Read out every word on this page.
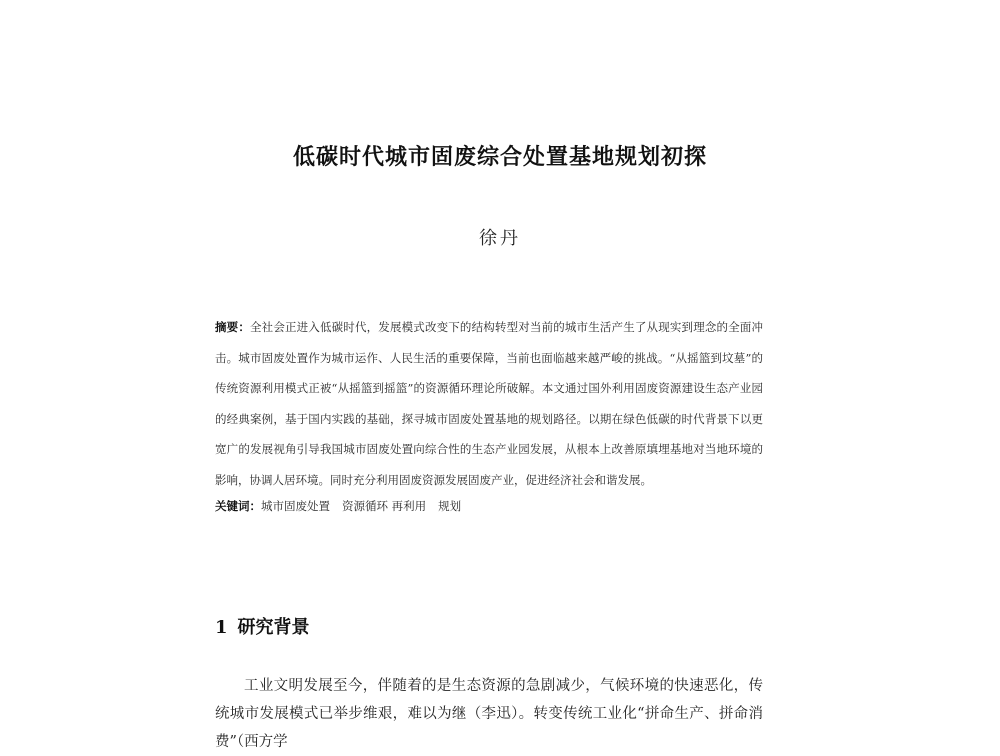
低碳时代城市固废综合处置基地规划初探
徐丹
摘要：全社会正进入低碳时代，发展模式改变下的结构转型对当前的城市生活产生了从现实到理念的全面冲击。城市固废处置作为城市运作、人民生活的重要保障，当前也面临越来越严峻的挑战。“从摇篮到坟墓”的传统资源利用模式正被“从摇篮到摇篮”的资源循环理论所破解。本文通过国外利用固废资源建设生态产业园的经典案例，基于国内实践的基础，探寻城市固废处置基地的规划路径。以期在绿色低碳的时代背景下以更宽广的发展视角引导我国城市固废处置向综合性的生态产业园发展，从根本上改善原填埋基地对当地环境的影响，协调人居环境。同时充分利用固废资源发展固废产业，促进经济社会和谐发展。
关键词：城市固废处置 资源循环 再利用 规划
1 研究背景
工业文明发展至今，伴随着的是生态资源的急剧减少，气候环境的快速恶化，传统城市发展模式已举步维艰，难以为继（李迅）。转变传统工业化“拼命生产、拼命消费”（西方学
